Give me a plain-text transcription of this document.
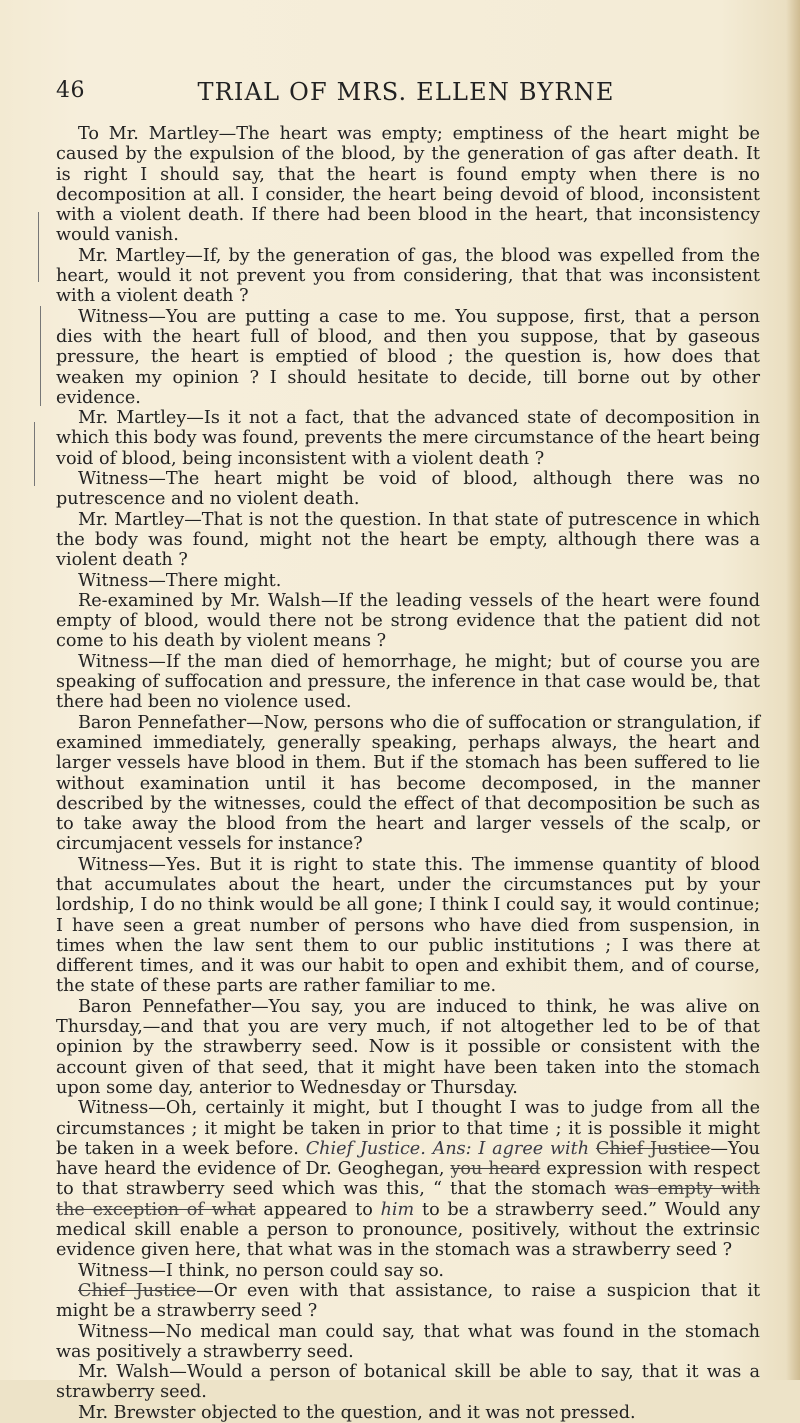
46	TRIAL OF MRS. ELLEN BYRNE

To Mr. Martley—The heart was empty; emptiness of the heart might be caused by the expulsion of the blood, by the generation of gas after death. It is right I should say, that the heart is found empty when there is no decomposition at all. I consider, the heart being devoid of blood, inconsistent with a violent death. If there had been blood in the heart, that inconsistency would vanish.

Mr. Martley—If, by the generation of gas, the blood was expelled from the heart, would it not prevent you from considering, that that was inconsistent with a violent death ?

Witness—You are putting a case to me. You suppose, first, that a person dies with the heart full of blood, and then you suppose, that by gaseous pressure, the heart is emptied of blood ; the question is, how does that weaken my opinion ? I should hesitate to decide, till borne out by other evidence.

Mr. Martley—Is it not a fact, that the advanced state of decomposition in which this body was found, prevents the mere circumstance of the heart being void of blood, being inconsistent with a violent death ?

Witness—The heart might be void of blood, although there was no putrescence and no violent death.

Mr. Martley—That is not the question. In that state of putrescence in which the body was found, might not the heart be empty, although there was a violent death ?

Witness—There might.

Re-examined by Mr. Walsh—If the leading vessels of the heart were found empty of blood, would there not be strong evidence that the patient did not come to his death by violent means ?

Witness—If the man died of hemorrhage, he might; but of course you are speaking of suffocation and pressure, the inference in that case would be, that there had been no violence used.

Baron Pennefather—Now, persons who die of suffocation or strangulation, if examined immediately, generally speaking, perhaps always, the heart and larger vessels have blood in them. But if the stomach has been suffered to lie without examination until it has become decomposed, in the manner described by the witnesses, could the effect of that decomposition be such as to take away the blood from the heart and larger vessels of the scalp, or circumjacent vessels for instance?

Witness—Yes. But it is right to state this. The immense quantity of blood that accumulates about the heart, under the circumstances put by your lordship, I do no think would be all gone; I think I could say, it would continue; I have seen a great number of persons who have died from suspension, in times when the law sent them to our public institutions ; I was there at different times, and it was our habit to open and exhibit them, and of course, the state of these parts are rather familiar to me.

Baron Pennefather—You say, you are induced to think, he was alive on Thursday,—and that you are very much, if not altogether led to be of that opinion by the strawberry seed. Now is it possible or consistent with the account given of that seed, that it might have been taken into the stomach upon some day, anterior to Wednesday or Thursday.

Witness—Oh, certainly it might, but I thought I was to judge from all the circumstances ; it might be taken in prior to that time ; it is possible it might be taken in a week before. Chief Justice. Ans: I agree with Chief Justice—You have heard the evidence of Dr. Geoghegan, you heard expression with respect to that strawberry seed which was this, “ that the stomach was empty with the exception of what appeared to him to be a strawberry seed.” Would any medical skill enable a person to pronounce, positively, without the extrinsic evidence given here, that what was in the stomach was a strawberry seed ?

Witness—I think, no person could say so.

Chief Justice—Or even with that assistance, to raise a suspicion that it might be a strawberry seed ?

Witness—No medical man could say, that what was found in the stomach was positively a strawberry seed.

Mr. Walsh—Would a person of botanical skill be able to say, that it was a strawberry seed.

Mr. Brewster objected to the question, and it was not pressed.
